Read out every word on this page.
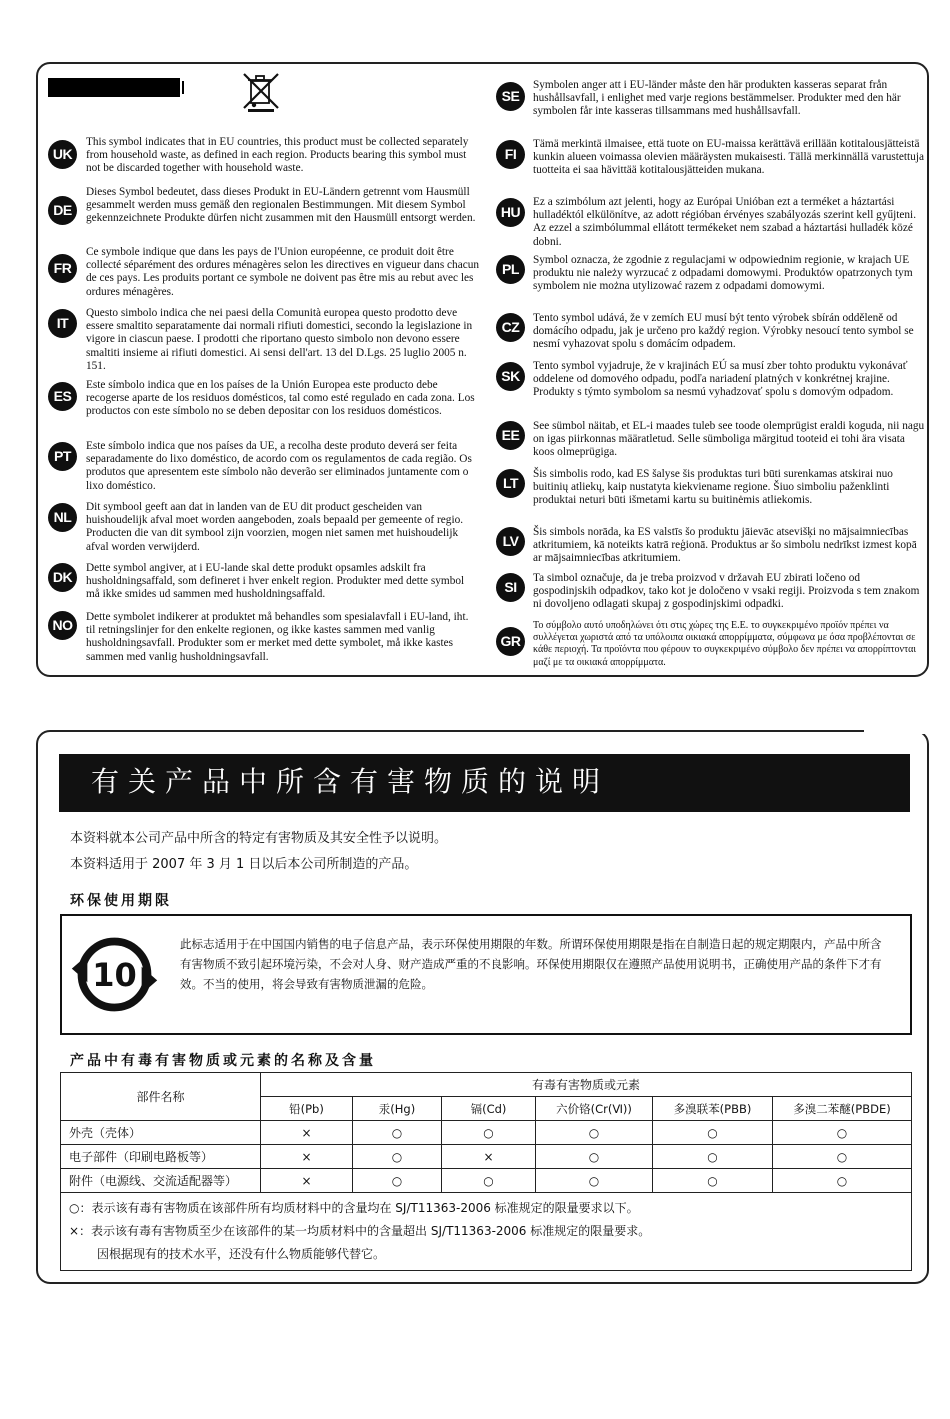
UK
This symbol indicates that in EU countries, this product must be collected separately from household waste, as defined in each region. Products bearing this symbol must not be discarded together with household waste.
DE
Dieses Symbol bedeutet, dass dieses Produkt in EU-Ländern getrennt vom Hausmüll gesammelt werden muss gemäß den regionalen Bestimmungen. Mit diesem Symbol gekennzeichnete Produkte dürfen nicht zusammen mit den Hausmüll entsorgt werden.
FR
Ce symbole indique que dans les pays de l'Union européenne, ce produit doit être collecté séparément des ordures ménagères selon les directives en vigueur dans chacun de ces pays. Les produits portant ce symbole ne doivent pas être mis au rebut avec les ordures ménagères.
IT
Questo simbolo indica che nei paesi della Comunità europea questo prodotto deve essere smaltito separatamente dai normali rifiuti domestici, secondo la legislazione in vigore in ciascun paese. I prodotti che riportano questo simbolo non devono essere smaltiti insieme ai rifiuti domestici. Ai sensi dell'art. 13 del D.Lgs. 25 luglio 2005 n. 151.
ES
Este símbolo indica que en los países de la Unión Europea este producto debe recogerse aparte de los residuos domésticos, tal como esté regulado en cada zona. Los productos con este símbolo no se deben depositar con los residuos domésticos.
PT
Este símbolo indica que nos países da UE, a recolha deste produto deverá ser feita separadamente do lixo doméstico, de acordo com os regulamentos de cada região. Os produtos que apresentem este símbolo não deverão ser eliminados juntamente com o lixo doméstico.
NL
Dit symbool geeft aan dat in landen van de EU dit product gescheiden van huishoudelijk afval moet worden aangeboden, zoals bepaald per gemeente of regio. Producten die van dit symbool zijn voorzien, mogen niet samen met huishoudelijk afval worden verwijderd.
DK
Dette symbol angiver, at i EU-lande skal dette produkt opsamles adskilt fra husholdningsaffald, som defineret i hver enkelt region. Produkter med dette symbol må ikke smides ud sammen med husholdningsaffald.
NO	Dette symbolet indikerer at produktet må behandles som spesialavfall i EU-land, iht. til retningslinjer for den enkelte regionen, og ikke kastes sammen med vanlig husholdningsavfall. Produkter som er merket med dette symbolet, må ikke kastes sammen med vanlig husholdningsavfall.
SE
Symbolen anger att i EU-länder måste den här produkten kasseras separat från hushållsavfall, i enlighet med varje regions bestämmelser. Produkter med den här symbolen får inte kasseras tillsammans med hushållsavfall.
FI
Tämä merkintä ilmaisee, että tuote on EU-maissa kerättävä erillään kotitalousjätteistä kunkin alueen voimassa olevien määräysten mukaisesti. Tällä merkinnällä varustettuja tuotteita ei saa hävittää kotitalousjätteiden mukana.
HU
Ez a szimbólum azt jelenti, hogy az Európai Unióban ezt a terméket a háztartási hulladéktól elkülönítve, az adott régióban érvényes szabályozás szerint kell gyűjteni. Az ezzel a szimbólummal ellátott termékeket nem szabad a háztartási hulladék közé dobni.
PL
Symbol oznacza, że zgodnie z regulacjami w odpowiednim regionie, w krajach UE produktu nie należy wyrzucać z odpadami domowymi. Produktów opatrzonych tym symbolem nie można utylizować razem z odpadami domowymi.
CZ
Tento symbol udává, že v zemích EU musí být tento výrobek sbírán odděleně od domácího odpadu, jak je určeno pro každý region. Výrobky nesoucí tento symbol se nesmí vyhazovat spolu s domácím odpadem.
SK
Tento symbol vyjadruje, že v krajinách EÚ sa musí zber tohto produktu vykonávať oddelene od domového odpadu, podľa nariadení platných v konkrétnej krajine. Produkty s týmto symbolom sa nesmú vyhadzovať spolu s domovým odpadom.
EE
See sümbol näitab, et EL-i maades tuleb see toode olemprügist eraldi koguda, nii nagu on igas piirkonnas määratletud. Selle sümboliga märgitud tooteid ei tohi ära visata koos olmeprügiga.
LT
Šis simbolis rodo, kad ES šalyse šis produktas turi būti surenkamas atskirai nuo buitinių atliekų, kaip nustatyta kiekviename regione. Šiuo simboliu paženklinti produktai neturi būti išmetami kartu su buitinėmis atliekomis.
LV
Šis simbols norāda, ka ES valstīs šo produktu jāievāc atsevišķi no mājsaimniecības atkritumiem, kā noteikts katrā reģionā. Produktus ar šo simbolu nedrīkst izmest kopā ar mājsaimniecības atkritumiem.
SI
Ta simbol označuje, da je treba proizvod v državah EU zbirati ločeno od gospodinjskih odpadkov, tako kot je določeno v vsaki regiji. Proizvoda s tem znakom ni dovoljeno odlagati skupaj z gospodinjskimi odpadki.
GR
Το σύμβολο αυτό υποδηλώνει ότι στις χώρες της Ε.Ε. το συγκεκριμένο προϊόν πρέπει να συλλέγεται χωριστά από τα υπόλοιπα οικιακά απορρίμματα, σύμφωνα με όσα προβλέπονται σε κάθε περιοχή. Τα προϊόντα που φέρουν το συγκεκριμένο σύμβολο δεν πρέπει να απορρίπτονται μαζί με τα οικιακά απορρίμματα.
有关产品中所含有害物质的说明
本资料就本公司产品中所含的特定有害物质及其安全性予以说明。
本资料适用于 2007 年 3 月 1 日以后本公司所制造的产品。
环保使用期限
10
此标志适用于在中国国内销售的电子信息产品，表示环保使用期限的年数。所谓环保使用期限是指在自制造日起的规定期限内，产品中所含有害物质不致引起环境污染，不会对人身、财产造成严重的不良影响。环保使用期限仅在遵照产品使用说明书，正确使用产品的条件下才有效。不当的使用，将会导致有害物质泄漏的危险。
产品中有毒有害物质或元素的名称及含量
部件名称	有毒有害物质或元素					
	铅(Pb)	汞(Hg)	镉(Cd)	六价铬(Cr(Ⅵ))	多溴联苯(PBB)	多溴二苯醚(PBDE)
外壳（壳体）	×	○	○	○	○	○
电子部件（印刷电路板等）	×	○	×	○	○	○
附件（电源线、交流适配器等）	×	○	○	○	○	○

○：表示该有毒有害物质在该部件所有均质材料中的含量均在 SJ/T11363-2006 标准规定的限量要求以下。
×：表示该有毒有害物质至少在该部件的某一均质材料中的含量超出 SJ/T11363-2006 标准规定的限量要求。
因根据现有的技术水平，还没有什么物质能够代替它。						
